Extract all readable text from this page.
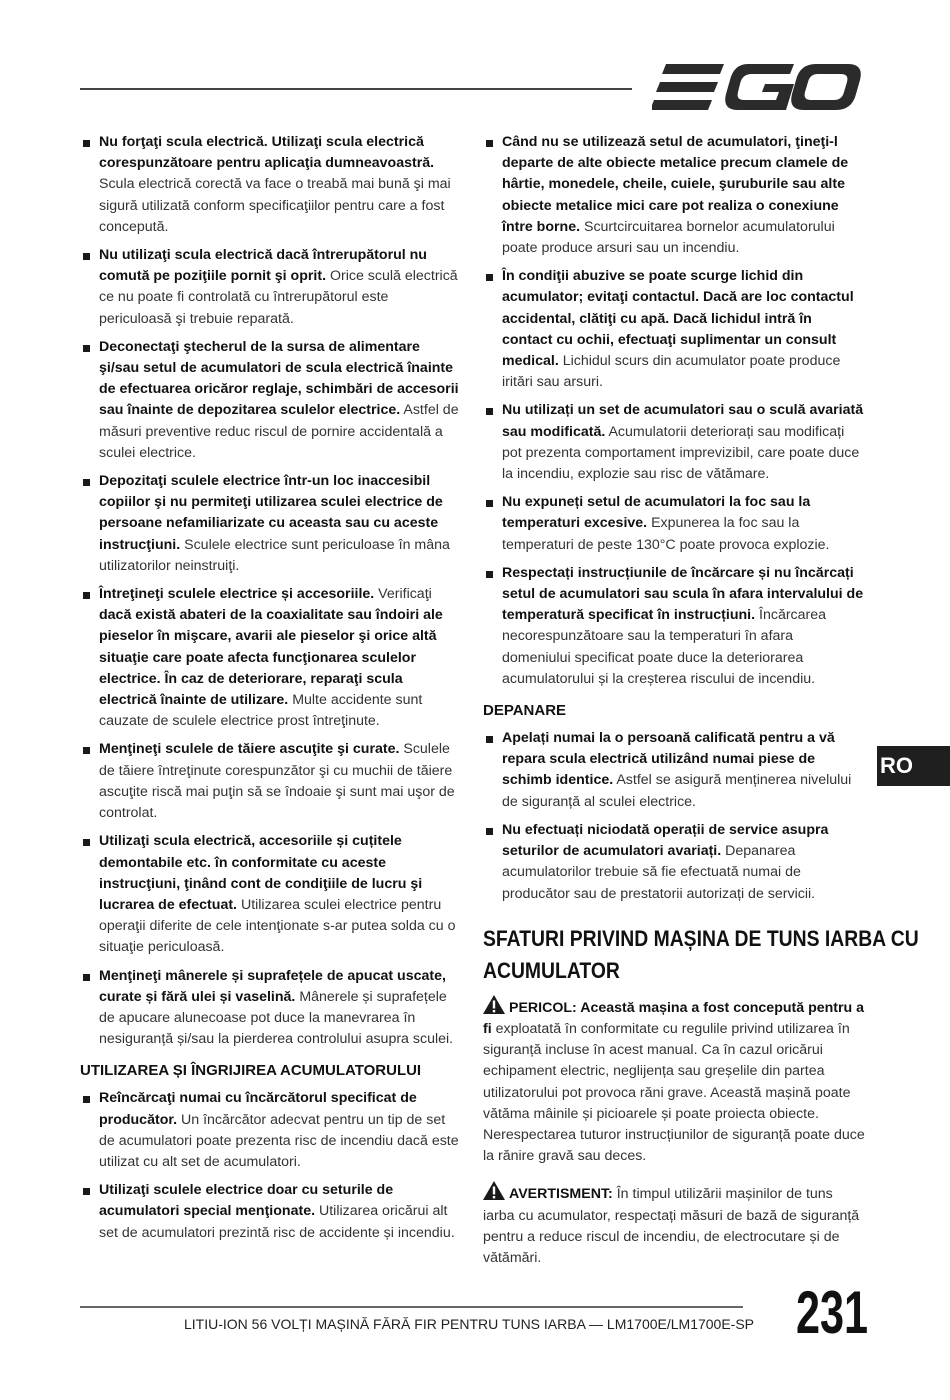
Nu forţaţi scula electrică. Utilizaţi scula electrică corespunzătoare pentru aplicaţia dumneavoastră. Scula electrică corectă va face o treabă mai bună şi mai sigură utilizată conform specificaţiilor pentru care a fost concepută.
Nu utilizaţi scula electrică dacă întrerupătorul nu comută pe poziţiile pornit şi oprit. Orice sculă electrică ce nu poate fi controlată cu întrerupătorul este periculoasă şi trebuie reparată.
Deconectaţi ştecherul de la sursa de alimentare şi/sau setul de acumulatori de scula electrică înainte de efectuarea oricăror reglaje, schimbări de accesorii sau înainte de depozitarea sculelor electrice. Astfel de măsuri preventive reduc riscul de pornire accidentală a sculei electrice.
Depozitaţi sculele electrice într-un loc inaccesibil copiilor şi nu permiteţi utilizarea sculei electrice de persoane nefamiliarizate cu aceasta sau cu aceste instrucţiuni. Sculele electrice sunt periculoase în mâna utilizatorilor neinstruiţi.
Întreţineţi sculele electrice și accesoriile. Verificaţi dacă există abateri de la coaxialitate sau îndoiri ale pieselor în mişcare, avarii ale pieselor şi orice altă situaţie care poate afecta funcţionarea sculelor electrice. În caz de deteriorare, reparaţi scula electrică înainte de utilizare. Multe accidente sunt cauzate de sculele electrice prost întreţinute.
Menţineţi sculele de tăiere ascuţite şi curate. Sculele de tăiere întreţinute corespunzător şi cu muchii de tăiere ascuţite riscă mai puţin să se îndoaie şi sunt mai uşor de controlat.
Utilizaţi scula electrică, accesoriile și cuțitele demontabile etc. în conformitate cu aceste instrucţiuni, ţinând cont de condiţiile de lucru şi lucrarea de efectuat. Utilizarea sculei electrice pentru operaţii diferite de cele intenţionate s-ar putea solda cu o situaţie periculoasă.
Menţineţi mânerele și suprafețele de apucat uscate, curate și fără ulei și vaselină. Mânerele și suprafețele de apucare alunecoase pot duce la manevrarea în nesiguranță și/sau la pierderea controlului asupra sculei.
UTILIZAREA ȘI ÎNGRIJIREA ACUMULATORULUI
Reîncărcaţi numai cu încărcătorul specificat de producător. Un încărcător adecvat pentru un tip de set de acumulatori poate prezenta risc de incendiu dacă este utilizat cu alt set de acumulatori.
Utilizaţi sculele electrice doar cu seturile de acumulatori special menţionate. Utilizarea oricărui alt set de acumulatori prezintă risc de accidente și incendiu.
Când nu se utilizează setul de acumulatori, ţineţi-l departe de alte obiecte metalice precum clamele de hârtie, monedele, cheile, cuiele, şuruburile sau alte obiecte metalice mici care pot realiza o conexiune între borne. Scurtcircuitarea bornelor acumulatorului poate produce arsuri sau un incendiu.
În condiţii abuzive se poate scurge lichid din acumulator; evitaţi contactul. Dacă are loc contactul accidental, clătiţi cu apă. Dacă lichidul intră în contact cu ochii, efectuaţi suplimentar un consult medical. Lichidul scurs din acumulator poate produce iritări sau arsuri.
Nu utilizați un set de acumulatori sau o sculă avariată sau modificată. Acumulatorii deteriorați sau modificați pot prezenta comportament imprevizibil, care poate duce la incendiu, explozie sau risc de vătămare.
Nu expuneți setul de acumulatori la foc sau la temperaturi excesive. Expunerea la foc sau la temperaturi de peste 130°C poate provoca explozie.
Respectați instrucțiunile de încărcare și nu încărcați setul de acumulatori sau scula în afara intervalului de temperatură specificat în instrucțiuni. Încărcarea necorespunzătoare sau la temperaturi în afara domeniului specificat poate duce la deteriorarea acumulatorului și la creșterea riscului de incendiu.
DEPANARE
Apelați numai la o persoană calificată pentru a vă repara scula electrică utilizând numai piese de schimb identice. Astfel se asigură menținerea nivelului de siguranță al sculei electrice.
Nu efectuați niciodată operații de service asupra seturilor de acumulatori avariați. Depanarea acumulatorilor trebuie să fie efectuată numai de producător sau de prestatorii autorizați de servicii.
SFATURI PRIVIND MAȘINA DE TUNS IARBA CU
ACUMULATOR
PERICOL: Această mașina a fost concepută pentru a fi exploatată în conformitate cu regulile privind utilizarea în siguranță incluse în acest manual. Ca în cazul oricărui echipament electric, neglijența sau greșelile din partea utilizatorului pot provoca răni grave. Această mașină poate vătăma mâinile și picioarele și poate proiecta obiecte. Nerespectarea tuturor instrucțiunilor de siguranță poate duce la rănire gravă sau deces.
AVERTISMENT: În timpul utilizării mașinilor de tuns iarba cu acumulator, respectați măsuri de bază de siguranță pentru a reduce riscul de incendiu, de electrocutare și de vătămări.
RO
LITIU-ION 56 VOLȚI MAȘINĂ FĂRĂ FIR PENTRU TUNS IARBA — LM1700E/LM1700E-SP 231
